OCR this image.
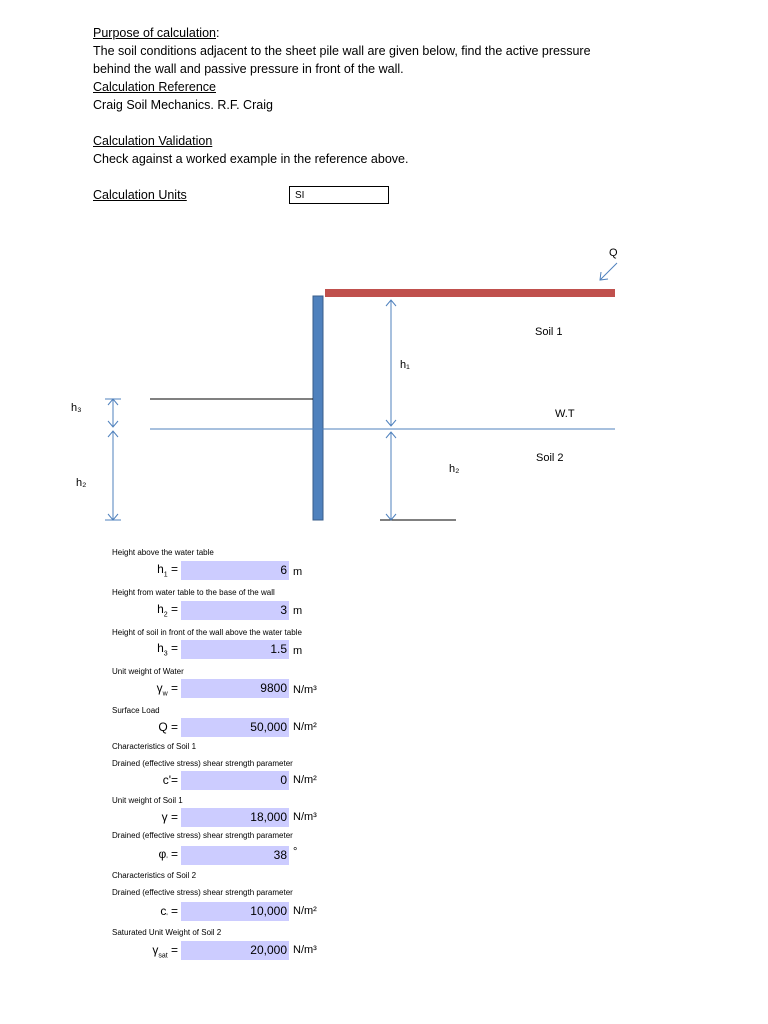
Purpose of calculation:
The soil conditions adjacent to the sheet pile wall are given below, find the active pressure
behind the wall and passive pressure in front of the wall.
Calculation Reference
Craig Soil Mechanics. R.F. Craig
Calculation Validation
Check against a worked example in the reference above.
Calculation Units	SI
Q
Soil 1
W.T
Soil 2
h₁
h₂
h₃
h₂
Height above the water table
$h_1$ =	6 m
Height from water table to the base of the wall
$h_2$ =	3 m
Height of soil in front of the wall above the water table
$h_3$ =	1.5 m
Unit weight of Water
$\gamma_w$ =	9800 N/m³
Surface Load
Q =	50,000 N/m²
Characteristics of Soil 1
Drained (effective stress) shear strength parameter
c'=	0 N/m²
Unit weight of Soil 1
γ =	18,000 N/m³
Drained (effective stress) shear strength parameter
$\varphi'$ =	38 °
Characteristics of Soil 2
Drained (effective stress) shear strength parameter
$c'$ =	10,000 N/m²
Saturated Unit Weight of Soil 2
$\gamma_{sat}$ =	20,000 N/m³
